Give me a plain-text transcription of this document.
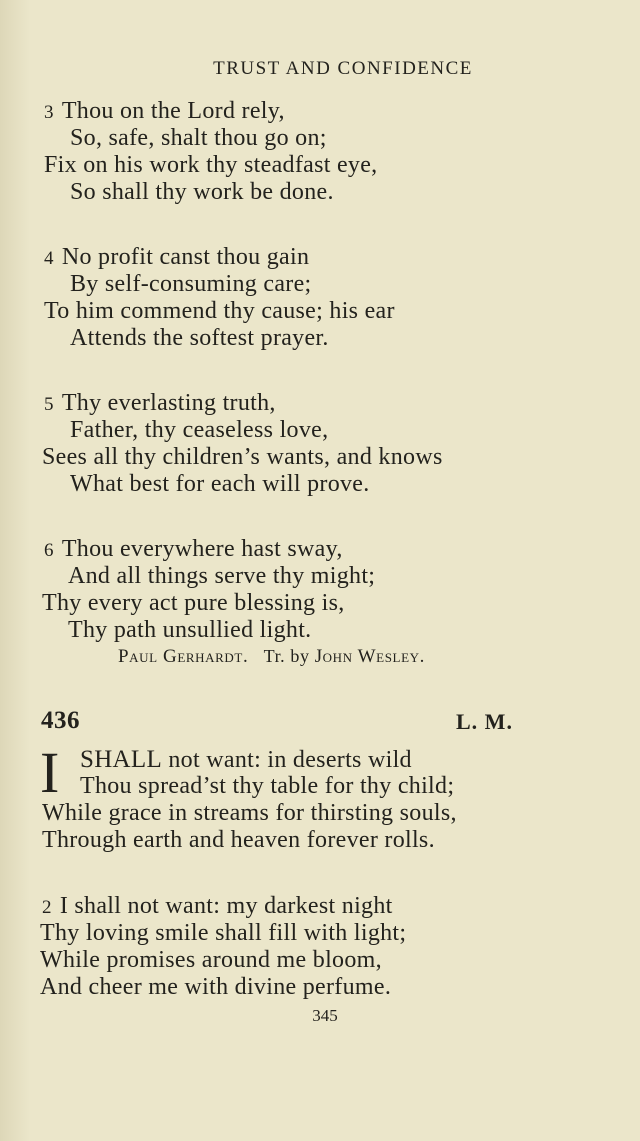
TRUST AND CONFIDENCE
3 Thou on the Lord rely,
So, safe, shalt thou go on;
Fix on his work thy steadfast eye,
So shall thy work be done.
4 No profit canst thou gain
By self-consuming care;
To him commend thy cause; his ear
Attends the softest prayer.
5 Thy everlasting truth,
Father, thy ceaseless love,
Sees all thy children’s wants, and knows
What best for each will prove.
6 Thou everywhere hast sway,
And all things serve thy might;
Thy every act pure blessing is,
Thy path unsullied light.
Paul Gerhardt. Tr. by John Wesley.
436	L. M.
I SHALL not want: in deserts wild
Thou spread’st thy table for thy child;
While grace in streams for thirsting souls,
Through earth and heaven forever rolls.
2 I shall not want: my darkest night
Thy loving smile shall fill with light;
While promises around me bloom,
And cheer me with divine perfume.
345
